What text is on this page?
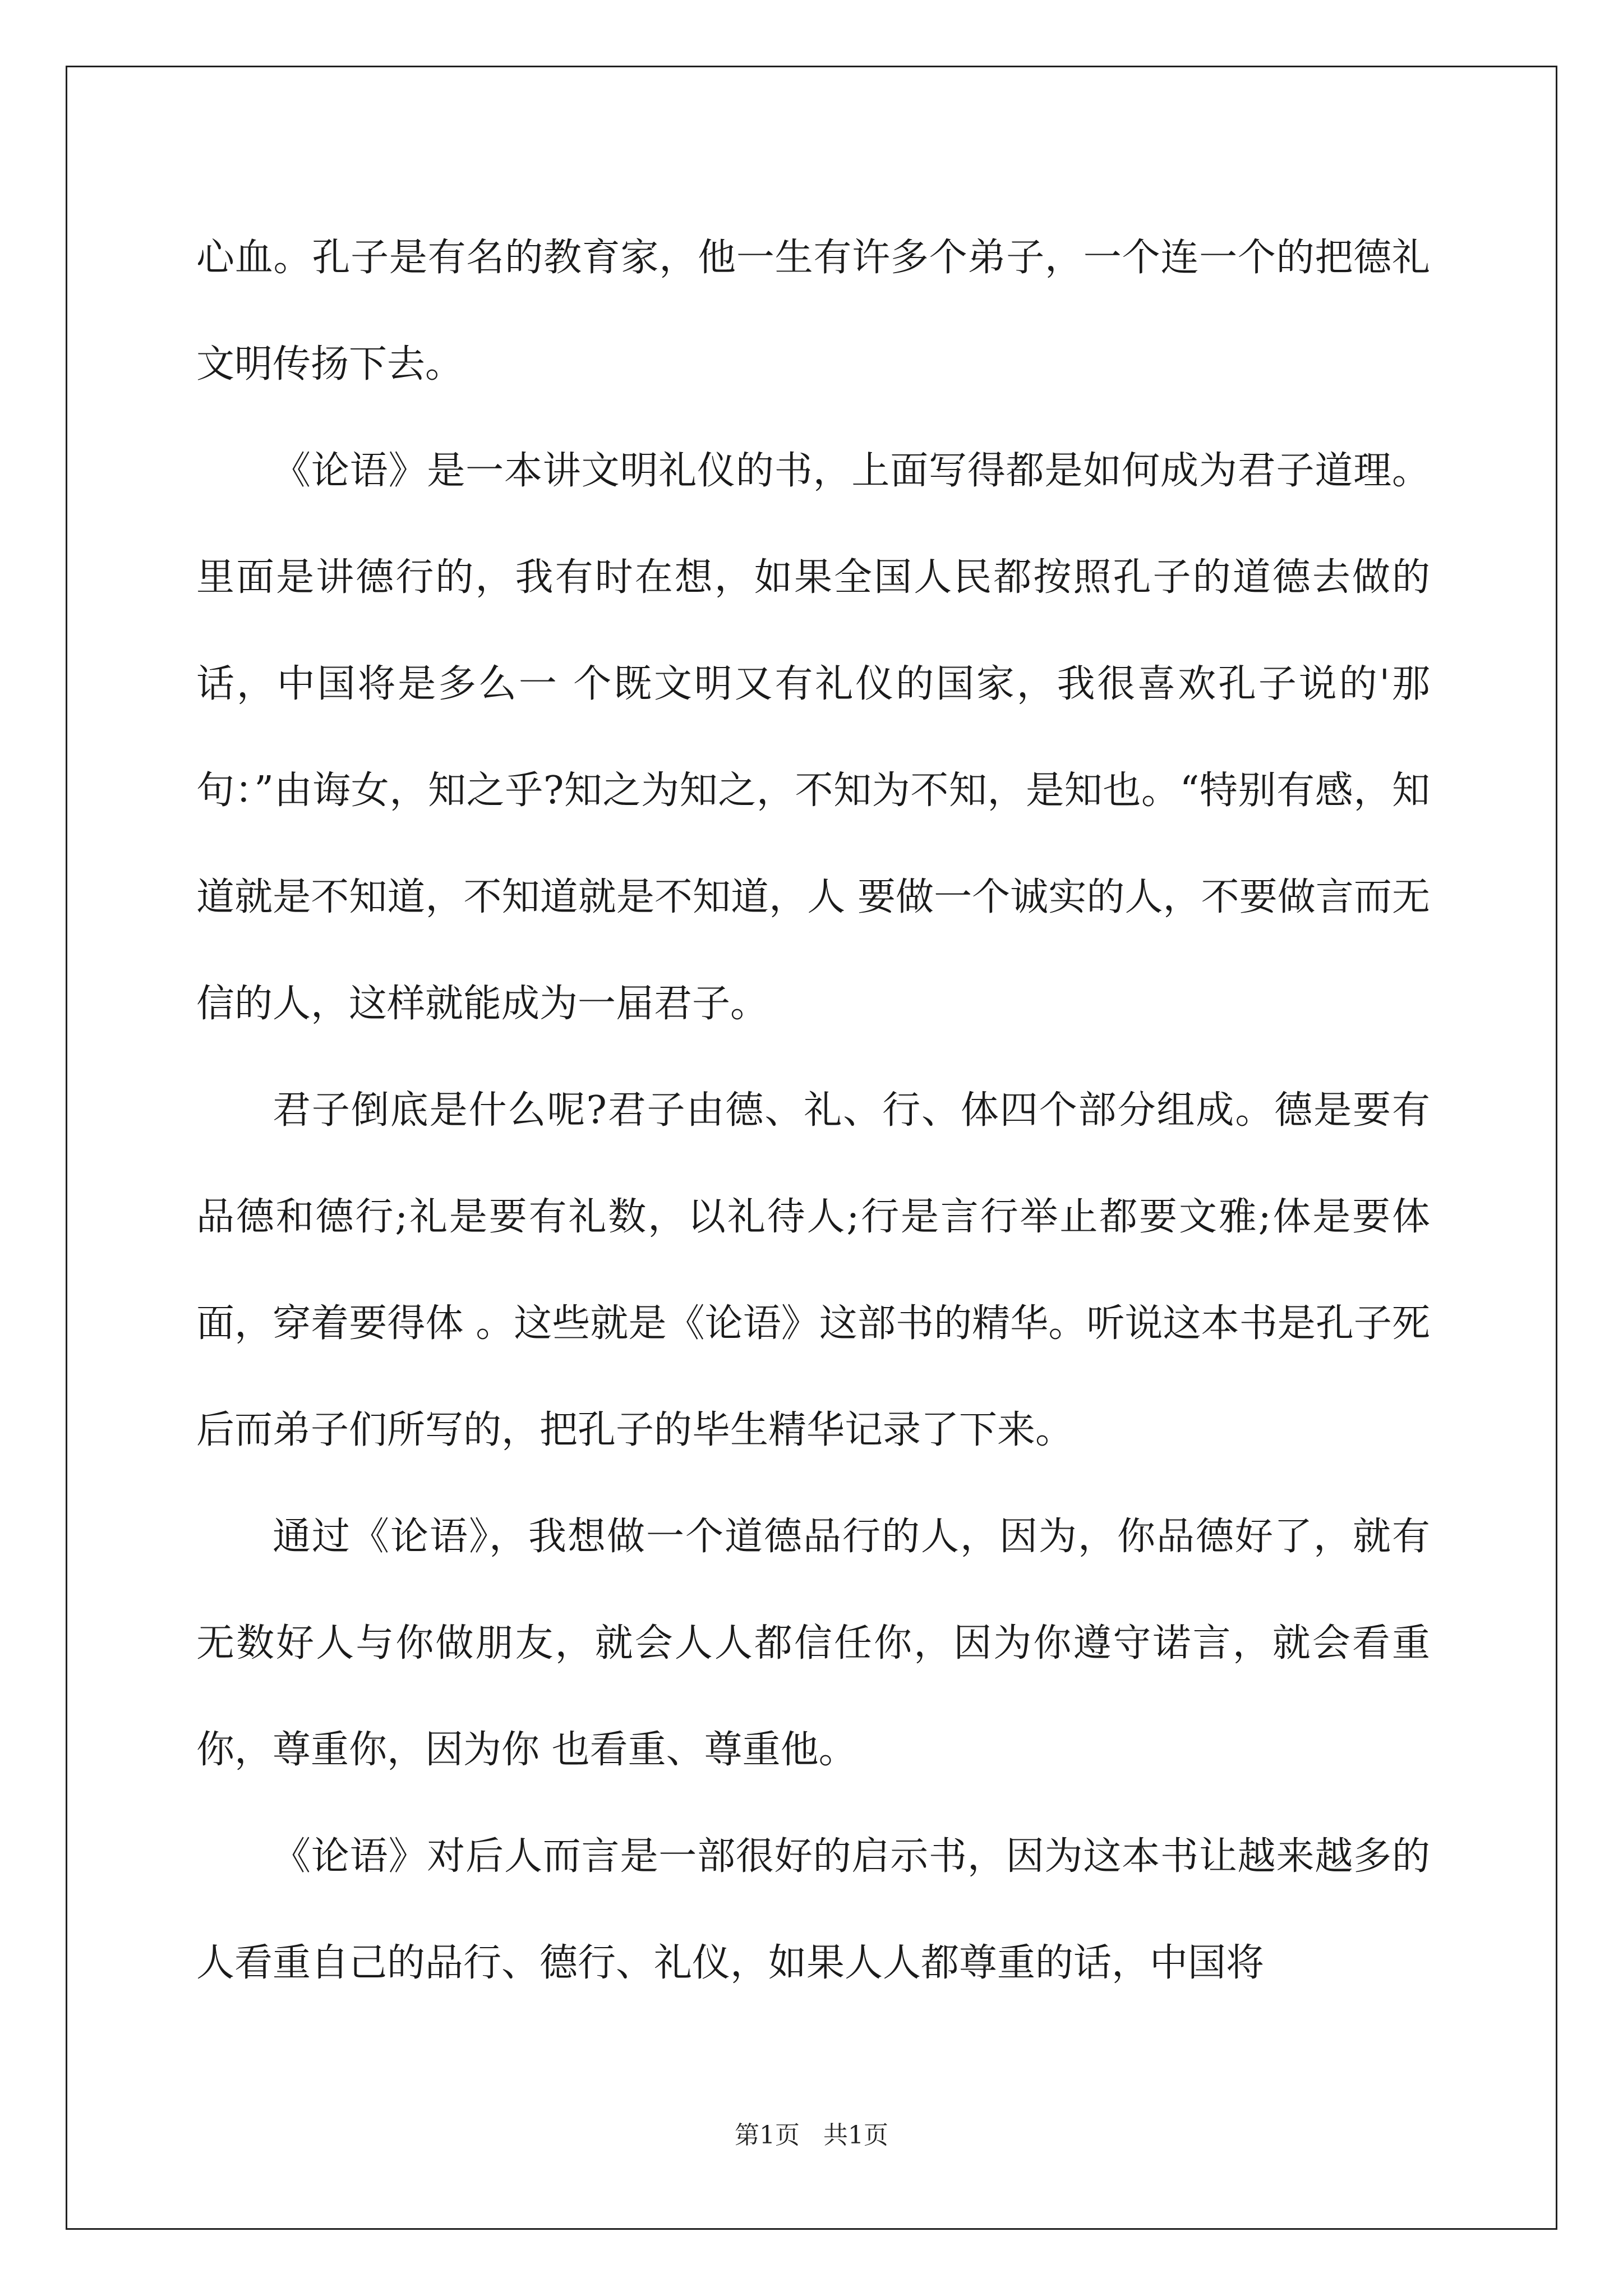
心血。孔子是有名的教育家，他一生有许多个弟子，一个连一个的把德礼文明传扬下去。

《论语》是一本讲文明礼仪的书，上面写得都是如何成为君子道理。里面是讲德行的，我有时在想，如果全国人民都按照孔子的道德去做的话，中国将是多么一 个既文明又有礼仪的国家，我很喜欢孔子说的'那句：”由诲女，知之乎?知之为知之，不知为不知，是知也。“特别有感，知道就是不知道，不知道就是不知道，人 要做一个诚实的人，不要做言而无信的人，这样就能成为一届君子。

君子倒底是什么呢?君子由德、礼、行、体四个部分组成。德是要有品德和德行;礼是要有礼数，以礼待人;行是言行举止都要文雅;体是要体面，穿着要得体 。这些就是《论语》这部书的精华。听说这本书是孔子死后而弟子们所写的，把孔子的毕生精华记录了下来。

通过《论语》，我想做一个道德品行的人，因为，你品德好了，就有无数好人与你做朋友，就会人人都信任你，因为你遵守诺言，就会看重你，尊重你，因为你 也看重、尊重他。

《论语》对后人而言是一部很好的启示书，因为这本书让越来越多的人看重自己的品行、德行、礼仪，如果人人都尊重的话，中国将

第1页   共1页
